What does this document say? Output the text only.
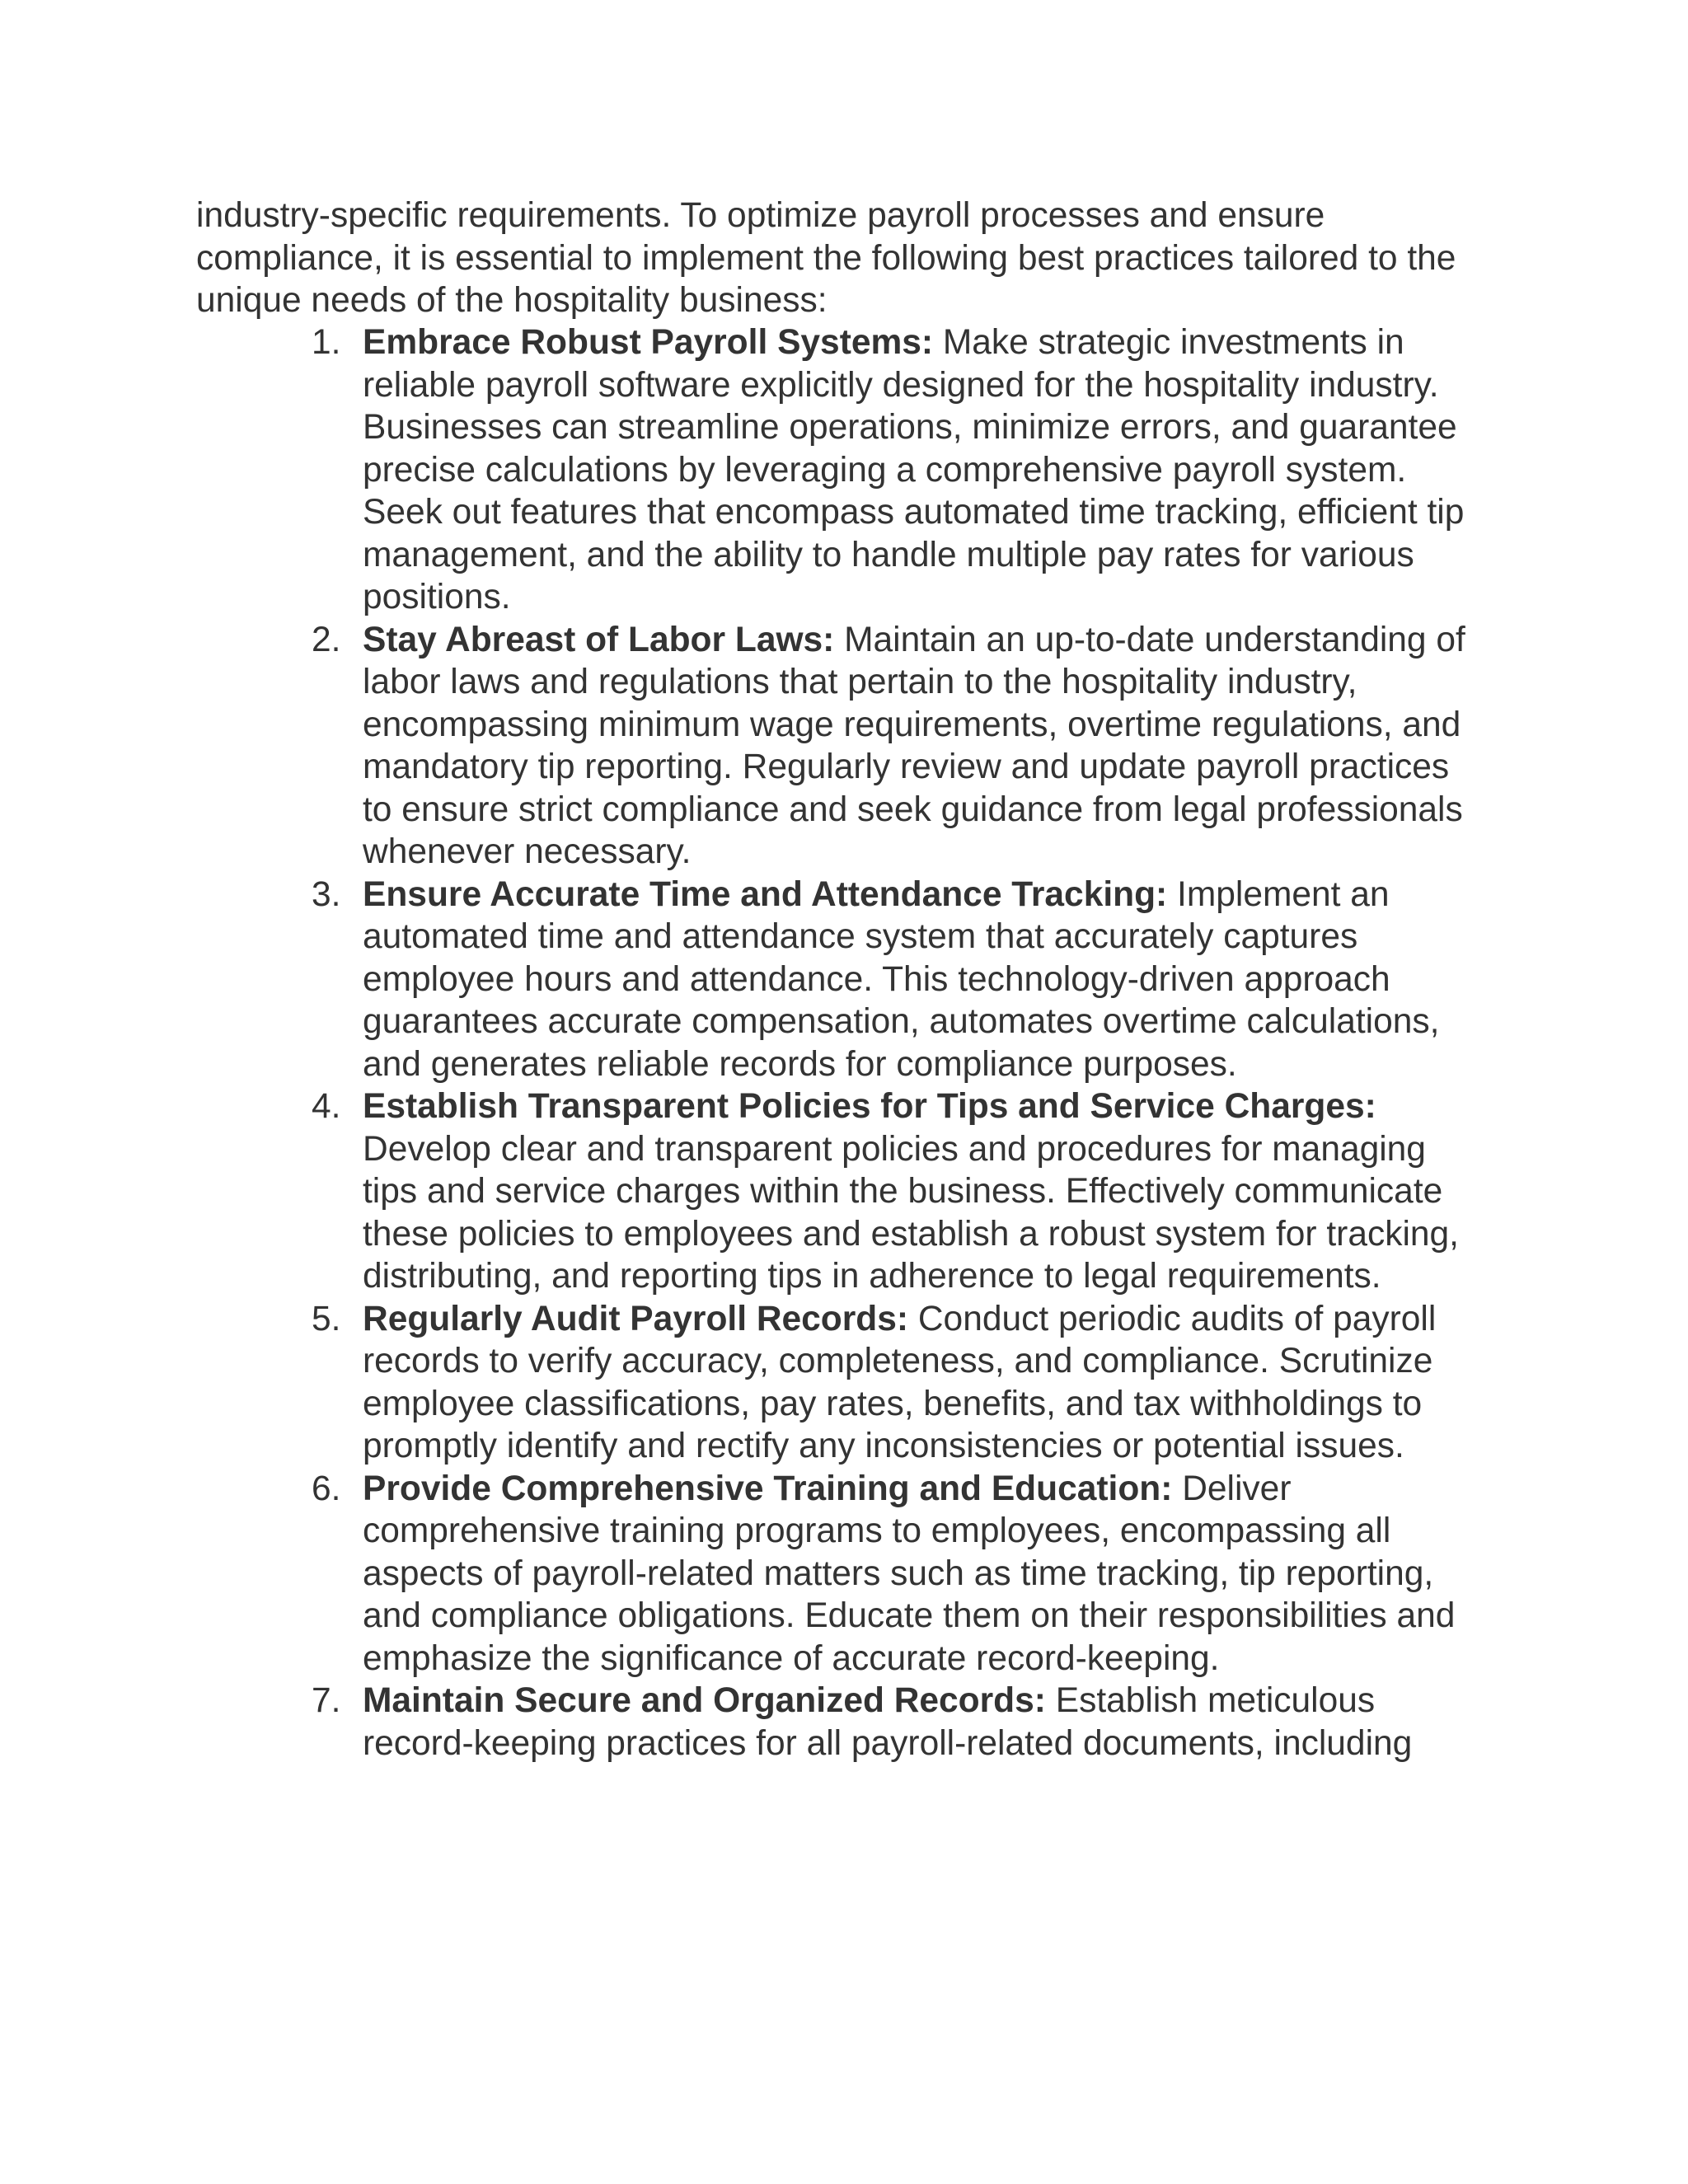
industry-specific requirements. To optimize payroll processes and ensure compliance, it is essential to implement the following best practices tailored to the unique needs of the hospitality business:

1. Embrace Robust Payroll Systems: Make strategic investments in reliable payroll software explicitly designed for the hospitality industry. Businesses can streamline operations, minimize errors, and guarantee precise calculations by leveraging a comprehensive payroll system. Seek out features that encompass automated time tracking, efficient tip management, and the ability to handle multiple pay rates for various positions.
2. Stay Abreast of Labor Laws: Maintain an up-to-date understanding of labor laws and regulations that pertain to the hospitality industry, encompassing minimum wage requirements, overtime regulations, and mandatory tip reporting. Regularly review and update payroll practices to ensure strict compliance and seek guidance from legal professionals whenever necessary.
3. Ensure Accurate Time and Attendance Tracking: Implement an automated time and attendance system that accurately captures employee hours and attendance. This technology-driven approach guarantees accurate compensation, automates overtime calculations, and generates reliable records for compliance purposes.
4. Establish Transparent Policies for Tips and Service Charges: Develop clear and transparent policies and procedures for managing tips and service charges within the business. Effectively communicate these policies to employees and establish a robust system for tracking, distributing, and reporting tips in adherence to legal requirements.
5. Regularly Audit Payroll Records: Conduct periodic audits of payroll records to verify accuracy, completeness, and compliance. Scrutinize employee classifications, pay rates, benefits, and tax withholdings to promptly identify and rectify any inconsistencies or potential issues.
6. Provide Comprehensive Training and Education: Deliver comprehensive training programs to employees, encompassing all aspects of payroll-related matters such as time tracking, tip reporting, and compliance obligations. Educate them on their responsibilities and emphasize the significance of accurate record-keeping.
7. Maintain Secure and Organized Records: Establish meticulous record-keeping practices for all payroll-related documents, including
